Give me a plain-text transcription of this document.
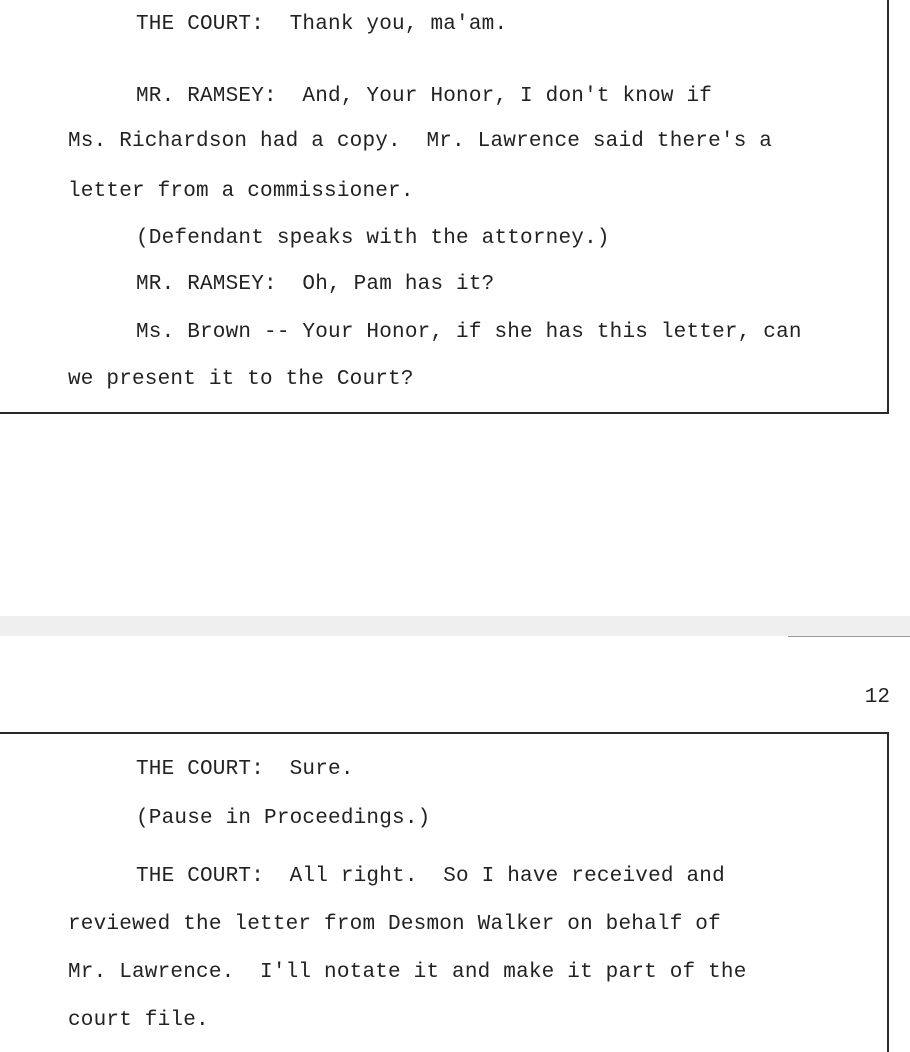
THE COURT:  Thank you, ma'am.
MR. RAMSEY:  And, Your Honor, I don't know if
Ms. Richardson had a copy.  Mr. Lawrence said there's a
letter from a commissioner.
(Defendant speaks with the attorney.)
MR. RAMSEY:  Oh, Pam has it?
Ms. Brown -- Your Honor, if she has this letter, can
we present it to the Court?
12
THE COURT:  Sure.
(Pause in Proceedings.)
THE COURT:  All right.  So I have received and
reviewed the letter from Desmon Walker on behalf of
Mr. Lawrence.  I'll notate it and make it part of the
court file.
